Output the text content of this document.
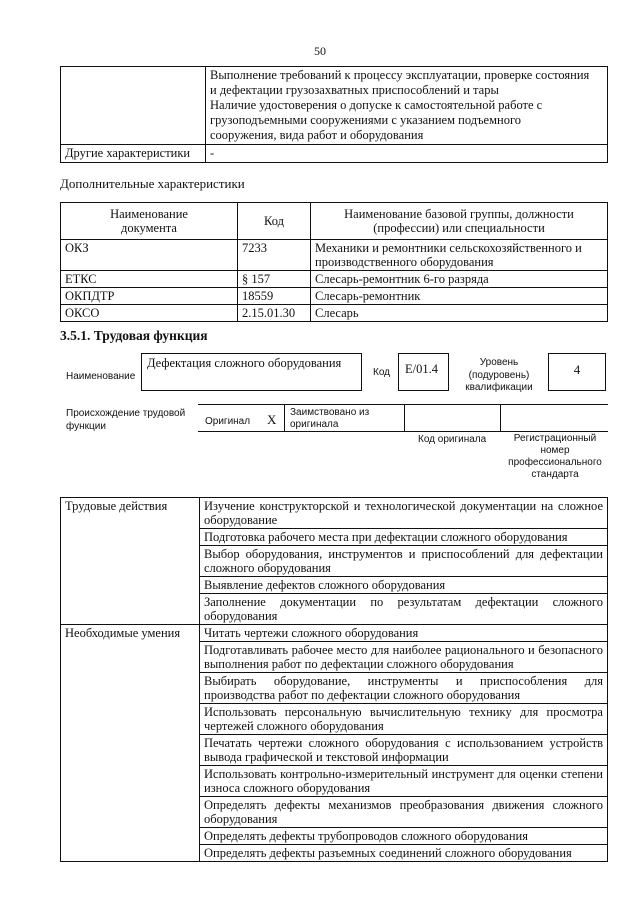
50

	Выполнение требований к процессу эксплуатации, проверке состояния
и дефектации грузозахватных приспособлений и тары
Наличие удостоверения о допуске к самостоятельной работе с
грузоподъемными сооружениями с указанием подъемного
сооружения, вида работ и оборудования

Другие характеристики	-
Дополнительные характеристики
Наименование документа	Код	Наименование базовой группы, должности (профессии) или специальности
ОКЗ	7233	Механики и ремонтники сельскохозяйственного и производственного оборудования
ЕТКС	§ 157	Слесарь-ремонтник 6-го разряда
ОКПДТР	18559	Слесарь-ремонтник
ОКСО	2.15.01.30	Слесарь
3.5.1. Трудовая функция
Наименование
Дефектация сложного оборудования
Код	E/01.4	Уровень (подуровень) квалификации
4
Происхождение трудовой функции	Оригинал X Заимствовано из оригинала
Код оригинала	Регистрационный номер профессионального стандарта
Трудовые действия	Изучение конструкторской и технологической документации на сложное оборудование
	Подготовка рабочего места при дефектации сложного оборудования
	Выбор оборудования, инструментов и приспособлений для дефектации сложного оборудования
	Выявление дефектов сложного оборудования
	Заполнение документации по результатам дефектации сложного оборудования
Необходимые умения	Читать чертежи сложного оборудования
	Подготавливать рабочее место для наиболее рационального и безопасного выполнения работ по дефектации сложного оборудования
	Выбирать оборудование, инструменты и приспособления для производства работ по дефектации сложного оборудования
	Использовать персональную вычислительную технику для просмотра чертежей сложного оборудования
	Печатать чертежи сложного оборудования с использованием устройств вывода графической и текстовой информации
	Использовать контрольно-измерительный инструмент для оценки степени износа сложного оборудования
	Определять дефекты механизмов преобразования движения сложного оборудования
	Определять дефекты трубопроводов сложного оборудования
	Определять дефекты разъемных соединений сложного оборудования
